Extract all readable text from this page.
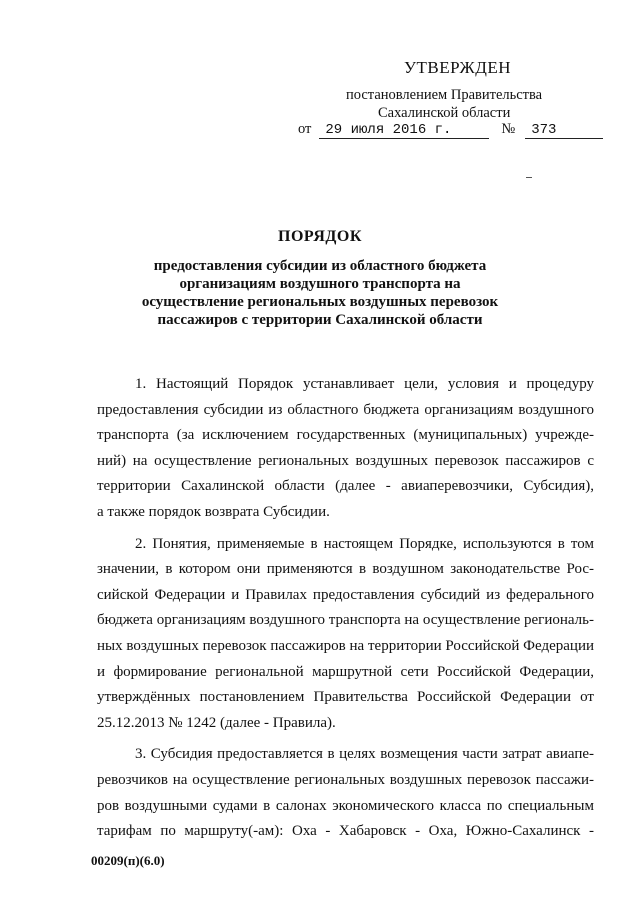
УТВЕРЖДЕН
постановлением Правительства
Сахалинской области
от	29 июля 2016 г.	№	373
ПОРЯДОК
предоставления субсидии из областного бюджета
организациям воздушного транспорта на
осуществление региональных воздушных перевозок
пассажиров с территории Сахалинской области
1. Настоящий Порядок устанавливает цели, условия и процедуру
предоставления субсидии из областного бюджета организациям воздушного
транспорта (за исключением государственных (муниципальных) учрежде-
ний) на осуществление региональных воздушных перевозок пассажиров с
территории Сахалинской области (далее - авиаперевозчики, Субсидия),
а также порядок возврата Субсидии.
2. Понятия, применяемые в настоящем Порядке, используются в том
значении, в котором они применяются в воздушном законодательстве Рос-
сийской Федерации и Правилах предоставления субсидий из федерального
бюджета организациям воздушного транспорта на осуществление региональ-
ных воздушных перевозок пассажиров на территории Российской Федерации
и формирование региональной маршрутной сети Российской Федерации,
утверждённых постановлением Правительства Российской Федерации от
25.12.2013 № 1242 (далее - Правила).
3. Субсидия предоставляется в целях возмещения части затрат авиапе-
ревозчиков на осуществление региональных воздушных перевозок пассажи-
ров воздушными судами в салонах экономического класса по специальным
тарифам по маршруту(-ам): Оха - Хабаровск - Оха, Южно-Сахалинск -
00209(п)(6.0)
